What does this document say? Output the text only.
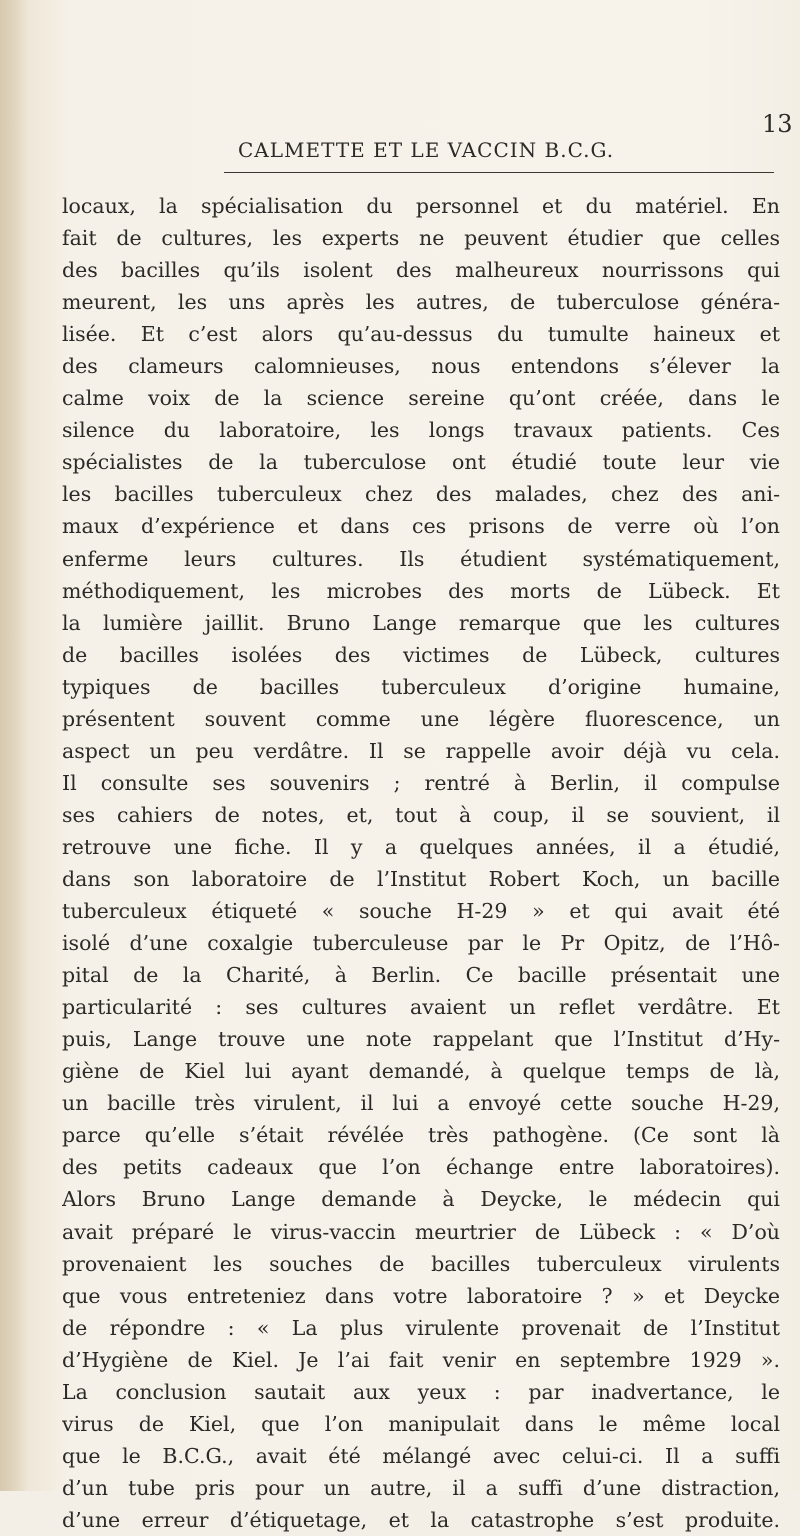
CALMETTE ET LE VACCIN B.C.G.
13
locaux, la spécialisation du personnel et du matériel. En
fait de cultures, les experts ne peuvent étudier que celles
des bacilles qu’ils isolent des malheureux nourrissons qui
meurent, les uns après les autres, de tuberculose généra-
lisée. Et c’est alors qu’au-dessus du tumulte haineux et
des clameurs calomnieuses, nous entendons s’élever la
calme voix de la science sereine qu’ont créée, dans le
silence du laboratoire, les longs travaux patients. Ces
spécialistes de la tuberculose ont étudié toute leur vie
les bacilles tuberculeux chez des malades, chez des ani-
maux d’expérience et dans ces prisons de verre où l’on
enferme leurs cultures. Ils étudient systématiquement,
méthodiquement, les microbes des morts de Lübeck. Et
la lumière jaillit. Bruno Lange remarque que les cultures
de bacilles isolées des victimes de Lübeck, cultures
typiques de bacilles tuberculeux d’origine humaine,
présentent souvent comme une légère fluorescence, un
aspect un peu verdâtre. Il se rappelle avoir déjà vu cela.
Il consulte ses souvenirs ; rentré à Berlin, il compulse
ses cahiers de notes, et, tout à coup, il se souvient, il
retrouve une fiche. Il y a quelques années, il a étudié,
dans son laboratoire de l’Institut Robert Koch, un bacille
tuberculeux étiqueté « souche H-29 » et qui avait été
isolé d’une coxalgie tuberculeuse par le Pr Opitz, de l’Hô-
pital de la Charité, à Berlin. Ce bacille présentait une
particularité : ses cultures avaient un reflet verdâtre. Et
puis, Lange trouve une note rappelant que l’Institut d’Hy-
giène de Kiel lui ayant demandé, à quelque temps de là,
un bacille très virulent, il lui a envoyé cette souche H-29,
parce qu’elle s’était révélée très pathogène. (Ce sont là
des petits cadeaux que l’on échange entre laboratoires).
Alors Bruno Lange demande à Deycke, le médecin qui
avait préparé le virus-vaccin meurtrier de Lübeck : « D’où
provenaient les souches de bacilles tuberculeux virulents
que vous entreteniez dans votre laboratoire ? » et Deycke
de répondre : « La plus virulente provenait de l’Institut
d’Hygiène de Kiel. Je l’ai fait venir en septembre 1929 ».
La conclusion sautait aux yeux : par inadvertance, le
virus de Kiel, que l’on manipulait dans le même local
que le B.C.G., avait été mélangé avec celui-ci. Il a suffi
d’un tube pris pour un autre, il a suffi d’une distraction,
d’une erreur d’étiquetage, et la catastrophe s’est produite.
